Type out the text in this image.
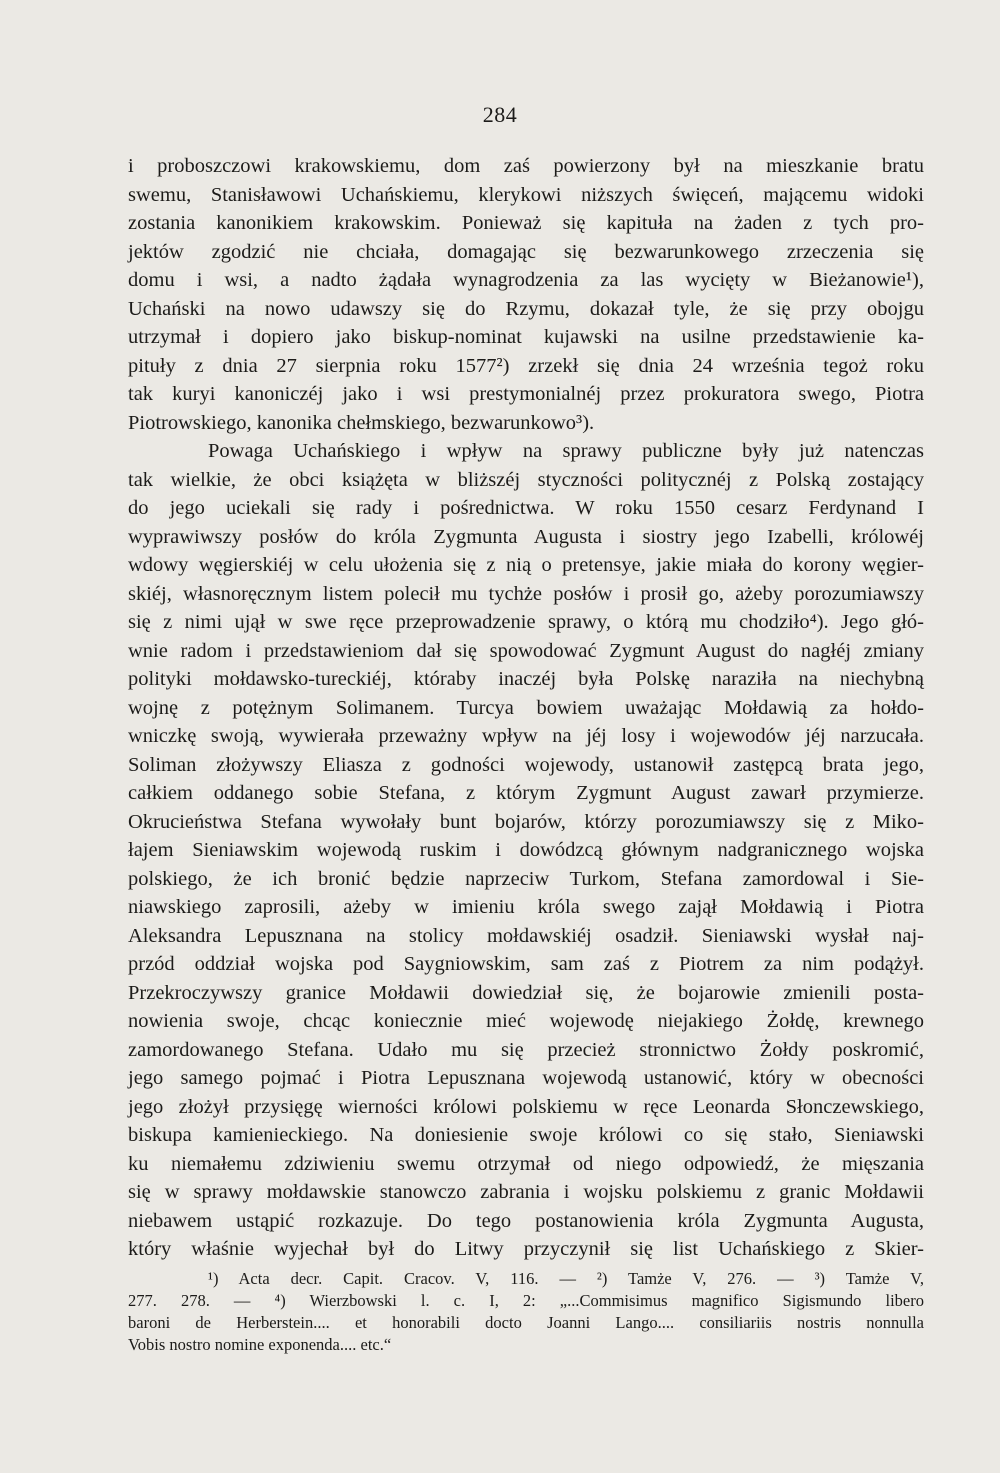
284
i proboszczowi krakowskiemu, dom zaś powierzony był na mieszkanie bratu
swemu, Stanisławowi Uchańskiemu, klerykowi niższych święceń, mającemu widoki
zostania kanonikiem krakowskim. Ponieważ się kapituła na żaden z tych pro-
jektów zgodzić nie chciała, domagając się bezwarunkowego zrzeczenia się
domu i wsi, a nadto żądała wynagrodzenia za las wycięty w Bieżanowie¹),
Uchański na nowo udawszy się do Rzymu, dokazał tyle, że się przy obojgu
utrzymał i dopiero jako biskup-nominat kujawski na usilne przedstawienie ka-
pituły z dnia 27 sierpnia roku 1577²) zrzekł się dnia 24 września tegoż roku
tak kuryi kanoniczéj jako i wsi prestymonialnéj przez prokuratora swego, Piotra
Piotrowskiego, kanonika chełmskiego, bezwarunkowo³).
Powaga Uchańskiego i wpływ na sprawy publiczne były już natenczas
tak wielkie, że obci książęta w bliższéj styczności politycznéj z Polską zostający
do jego uciekali się rady i pośrednictwa. W roku 1550 cesarz Ferdynand I
wyprawiwszy posłów do króla Zygmunta Augusta i siostry jego Izabelli, królowéj
wdowy węgierskiéj w celu ułożenia się z nią o pretensye, jakie miała do korony węgier-
skiéj, własnoręcznym listem polecił mu tychże posłów i prosił go, ażeby porozumiawszy
się z nimi ujął w swe ręce przeprowadzenie sprawy, o którą mu chodziło⁴). Jego głó-
wnie radom i przedstawieniom dał się spowodować Zygmunt August do nagłéj zmiany
polityki mołdawsko-tureckiéj, któraby inaczéj była Polskę naraziła na niechybną
wojnę z potężnym Solimanem. Turcya bowiem uważając Mołdawią za hołdo-
wniczkę swoją, wywierała przeważny wpływ na jéj losy i wojewodów jéj narzucała.
Soliman złożywszy Eliasza z godności wojewody, ustanowił zastępcą brata jego,
całkiem oddanego sobie Stefana, z którym Zygmunt August zawarł przymierze.
Okrucieństwa Stefana wywołały bunt bojarów, którzy porozumiawszy się z Miko-
łajem Sieniawskim wojewodą ruskim i dowódzcą głównym nadgranicznego wojska
polskiego, że ich bronić będzie naprzeciw Turkom, Stefana zamordowal i Sie-
niawskiego zaprosili, ażeby w imieniu króla swego zajął Mołdawią i Piotra
Aleksandra Lepusznana na stolicy mołdawskiéj osadził. Sieniawski wysłał naj-
przód oddział wojska pod Saygniowskim, sam zaś z Piotrem za nim podążył.
Przekroczywszy granice Mołdawii dowiedział się, że bojarowie zmienili posta-
nowienia swoje, chcąc koniecznie mieć wojewodę niejakiego Żołdę, krewnego
zamordowanego Stefana. Udało mu się przecież stronnictwo Żołdy poskromić,
jego samego pojmać i Piotra Lepusznana wojewodą ustanowić, który w obecności
jego złożył przysięgę wierności królowi polskiemu w ręce Leonarda Słonczewskiego,
biskupa kamienieckiego. Na doniesienie swoje królowi co się stało, Sieniawski
ku niemałemu zdziwieniu swemu otrzymał od niego odpowiedź, że mięszania
się w sprawy mołdawskie stanowczo zabrania i wojsku polskiemu z granic Mołdawii
niebawem ustąpić rozkazuje. Do tego postanowienia króla Zygmunta Augusta,
który właśnie wyjechał był do Litwy przyczynił się list Uchańskiego z Skier-
¹) Acta decr. Capit. Cracov. V, 116. — ²) Tamże V, 276. — ³) Tamże V,
277. 278. — ⁴) Wierzbowski l. c. I, 2: „...Commisimus magnifico Sigismundo libero
baroni de Herberstein.... et honorabili docto Joanni Lango.... consiliariis nostris nonnulla
Vobis nostro nomine exponenda.... etc.“
